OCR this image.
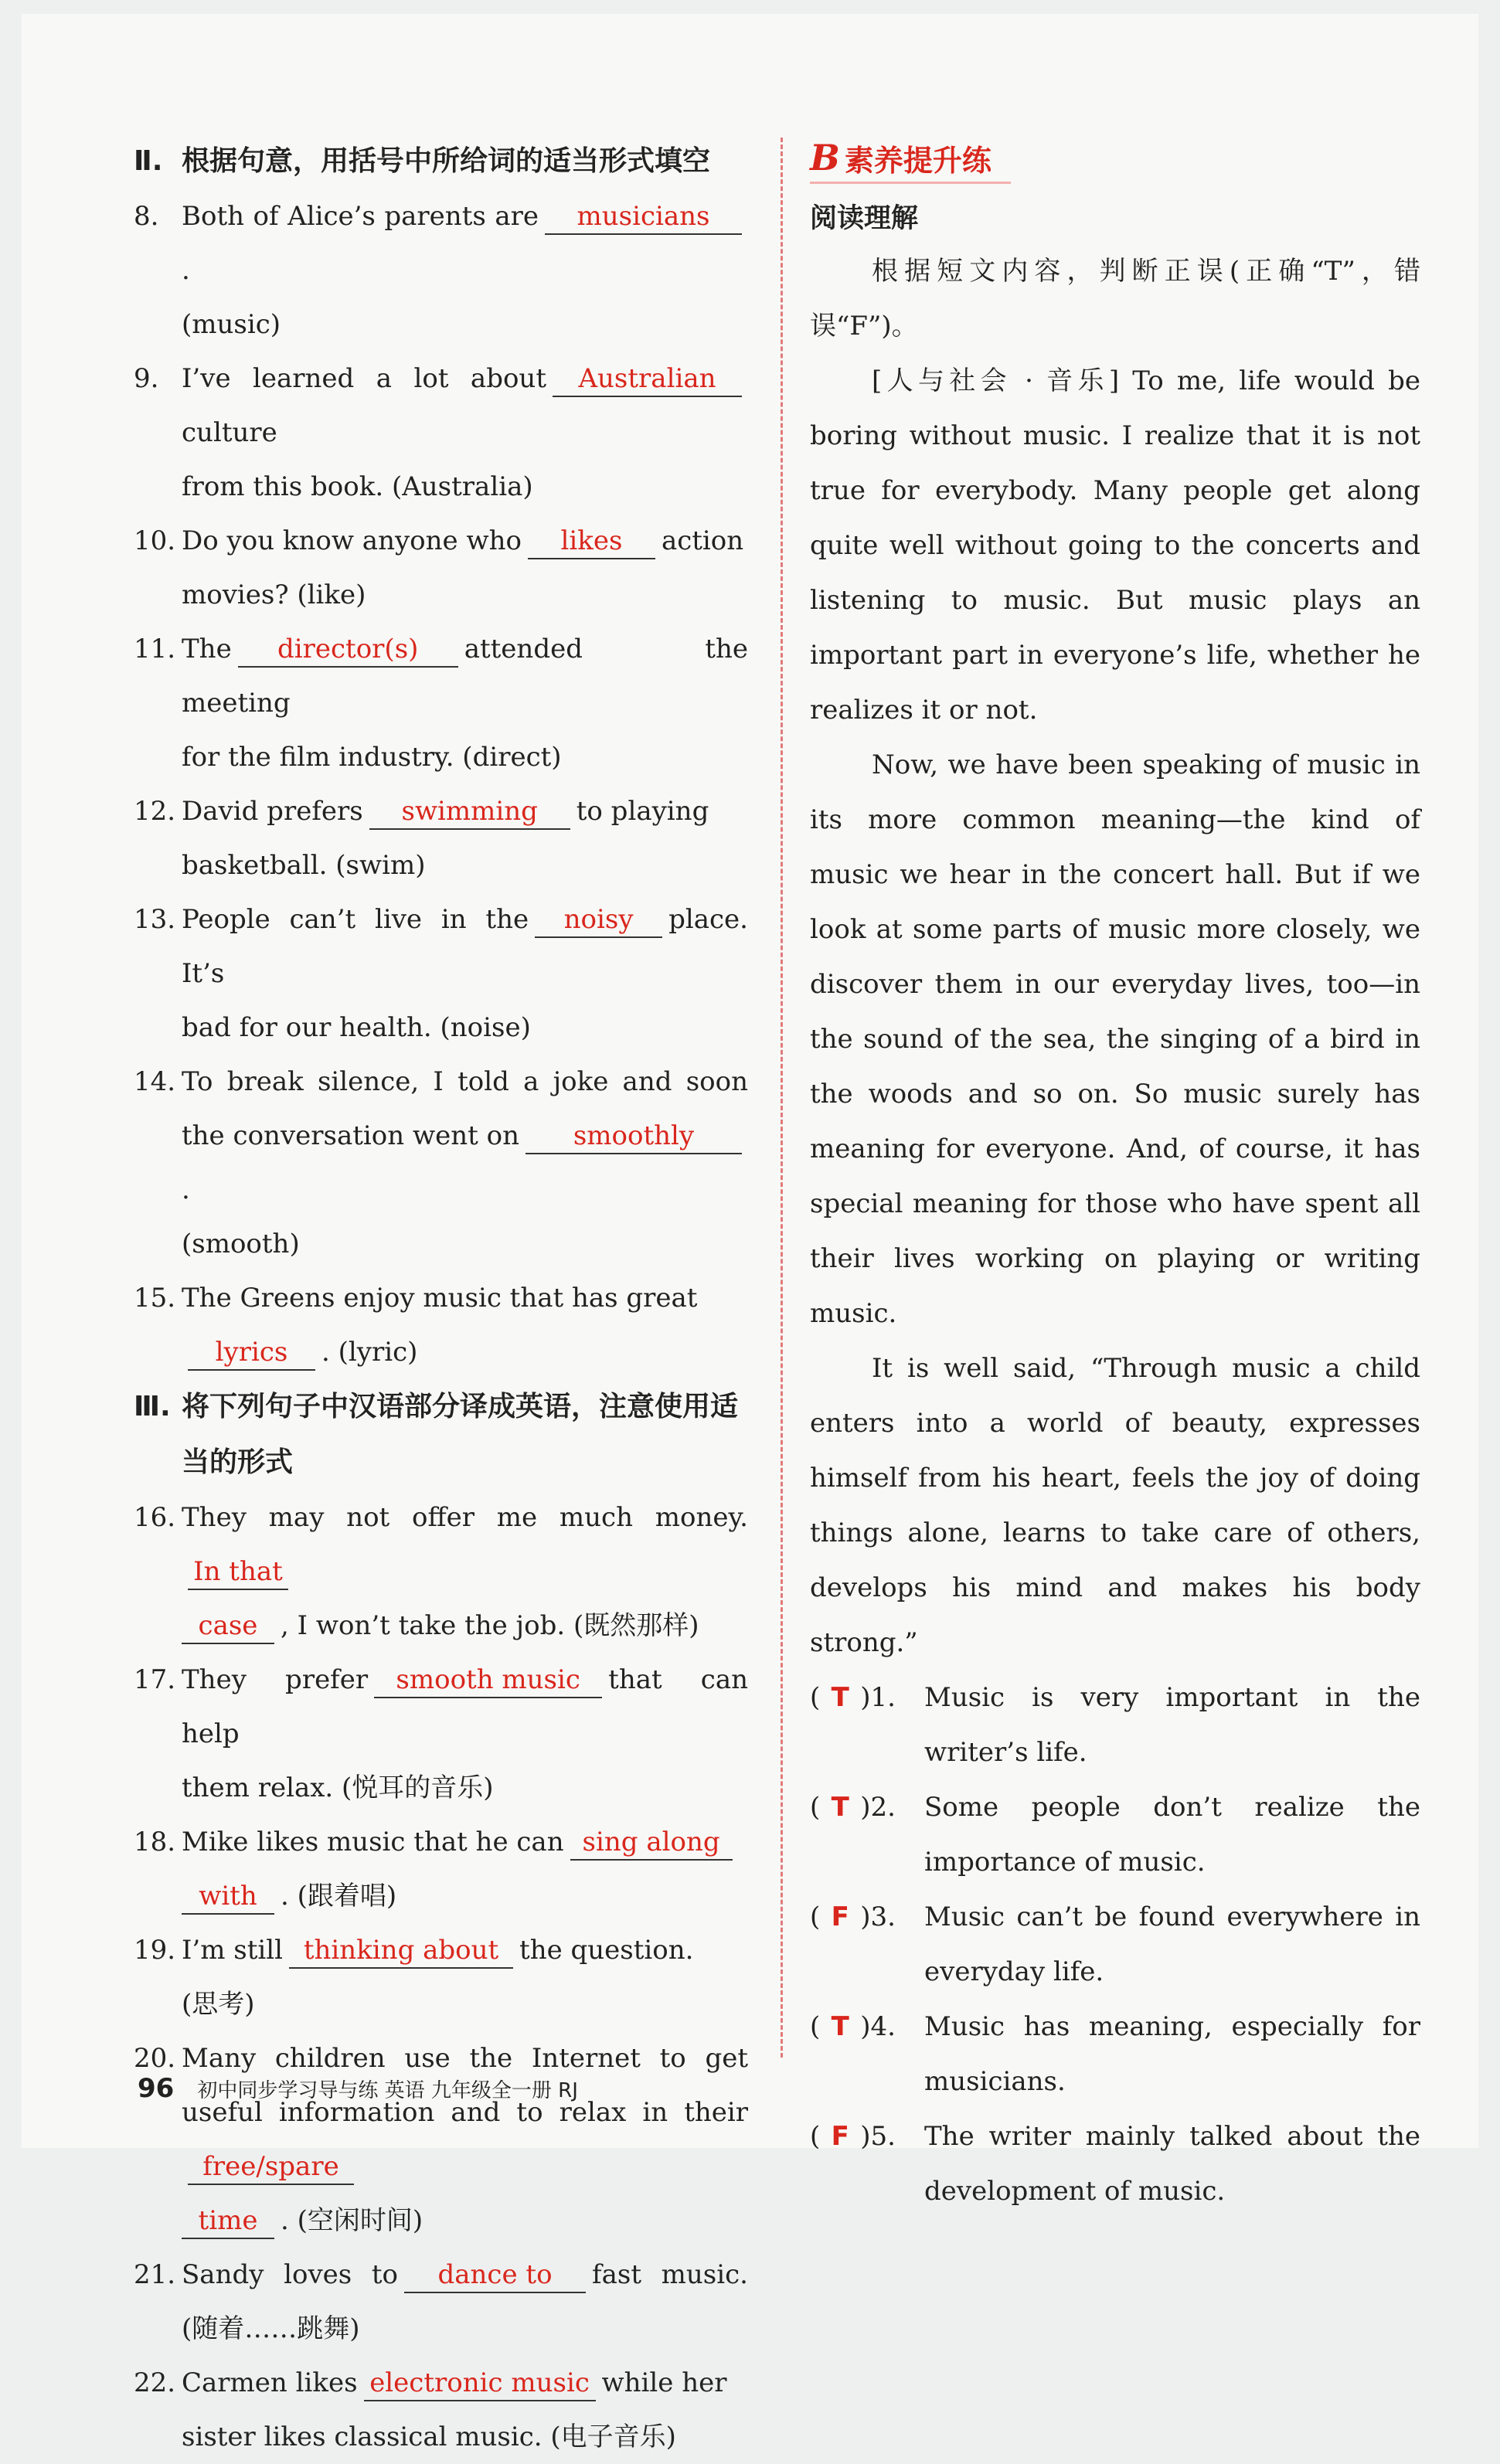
Ⅱ. 根据句意，用括号中所给词的适当形式填空
8. Both of Alice’s parents are musicians.
(music)
9. I’ve learned a lot about Australianculture
from this book. (Australia)
10. Do you know anyone who likes action
movies? (like)
11. The director(s) attended the meeting
for the film industry. (direct)
12. David prefers swimming to playing
basketball. (swim)
13. People can’t live in the noisy place. It’s
bad for our health. (noise)
14. To break silence, I told a joke and soon the conversation went on smoothly.
(smooth)
15. The Greens enjoy music that has great
lyrics . (lyric)
Ⅲ. 将下列句子中汉语部分译成英语，注意使用适当的形式
16. They may not offer me much money.In that
case , I won’t take the job. (既然那样)
17. They prefer smooth music that can help
them relax. (悦耳的音乐)
18. Mike likes music that he can sing along
with . (跟着唱)
19. I’m still thinking about the question.
(思考)
20. Many children use the Internet to get useful information and to relax in theirfree/spare
time . (空闲时间)
21. Sandy loves to dance to fast music. (随着……跳舞)
22. Carmen likes electronic music while her
sister likes classical music. (电子音乐)
B 素养提升练
阅读理解

根据短文内容，判断正误(正确“T”，错误“F”)。

[人与社会 · 音乐] To me, life would be boring without music. I realize that it is not true for everybody. Many people get along quite well without going to the concerts and listening to music. But music plays an important part in everyone’s life, whether he realizes it or not.

Now, we have been speaking of music in its more common meaning—the kind of music we hear in the concert hall. But if we look at some parts of music more closely, we discover them in our everyday lives, too—in the sound of the sea, the singing of a bird in the woods and so on. So music surely has meaning for everyone. And, of course, it has special meaning for those who have spent all their lives working on playing or writing music.

It is well said, “Through music a child enters into a world of beauty, expresses himself from his heart, feels the joy of doing things alone, learns to take care of others, develops his mind and makes his body strong.”

( T )1. Music is very important in the writer’s life.
( T )2. Some people don’t realize the importance of music.
( F )3. Music can’t be found everywhere in everyday life.
( T )4. Music has meaning, especially for musicians.
( F )5. The writer mainly talked about the development of music.
96 初中同步学习导与练 英语 九年级全一册 RJ
